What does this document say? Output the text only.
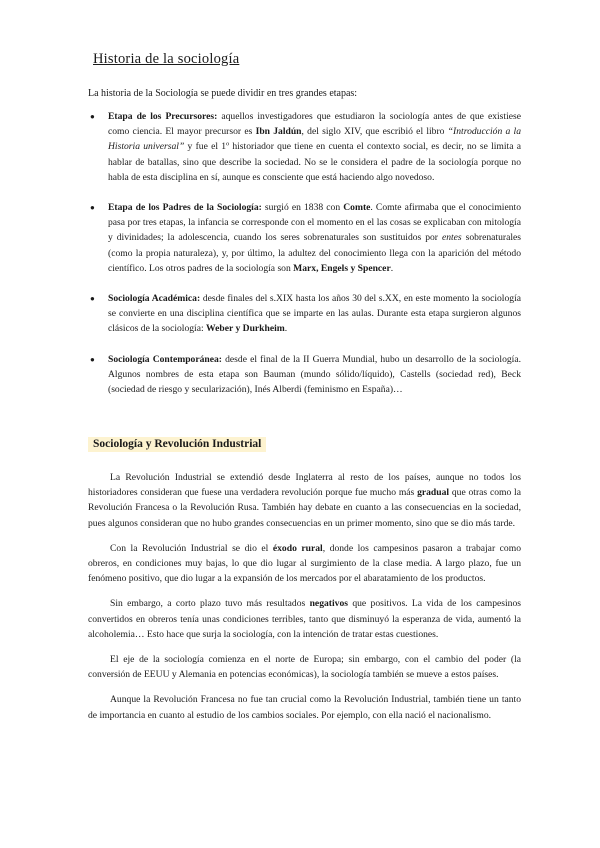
Historia de la sociología

La historia de la Sociología se puede dividir en tres grandes etapas:

● Etapa de los Precursores: aquellos investigadores que estudiaron la sociología antes de que existiese como ciencia. El mayor precursor es Ibn Jaldún, del siglo XIV, que escribió el libro “Introducción a la Historia universal” y fue el 1º historiador que tiene en cuenta el contexto social, es decir, no se limita a hablar de batallas, sino que describe la sociedad. No se le considera el padre de la sociología porque no habla de esta disciplina en sí, aunque es consciente que está haciendo algo novedoso.
● Etapa de los Padres de la Sociología: surgió en 1838 con Comte. Comte afirmaba que el conocimiento pasa por tres etapas, la infancia se corresponde con el momento en el las cosas se explicaban con mitología y divinidades; la adolescencia, cuando los seres sobrenaturales son sustituidos por entes sobrenaturales (como la propia naturaleza), y, por último, la adultez del conocimiento llega con la aparición del método científico. Los otros padres de la sociología son Marx, Engels y Spencer.
● Sociología Académica: desde finales del s.XIX hasta los años 30 del s.XX, en este momento la sociología se convierte en una disciplina científica que se imparte en las aulas. Durante esta etapa surgieron algunos clásicos de la sociología: Weber y Durkheim.
● Sociología Contemporánea: desde el final de la II Guerra Mundial, hubo un desarrollo de la sociología. Algunos nombres de esta etapa son Bauman (mundo sólido/líquido), Castells (sociedad red), Beck (sociedad de riesgo y secularización), Inés Alberdi (feminismo en España)…
Sociología y Revolución Industrial

La Revolución Industrial se extendió desde Inglaterra al resto de los países, aunque no todos los historiadores consideran que fuese una verdadera revolución porque fue mucho más gradual que otras como la Revolución Francesa o la Revolución Rusa. También hay debate en cuanto a las consecuencias en la sociedad, pues algunos consideran que no hubo grandes consecuencias en un primer momento, sino que se dio más tarde.

Con la Revolución Industrial se dio el éxodo rural, donde los campesinos pasaron a trabajar como obreros, en condiciones muy bajas, lo que dio lugar al surgimiento de la clase media. A largo plazo, fue un fenómeno positivo, que dio lugar a la expansión de los mercados por el abaratamiento de los productos.

Sin embargo, a corto plazo tuvo más resultados negativos que positivos. La vida de los campesinos convertidos en obreros tenía unas condiciones terribles, tanto que disminuyó la esperanza de vida, aumentó la alcoholemia… Esto hace que surja la sociología, con la intención de tratar estas cuestiones.

El eje de la sociología comienza en el norte de Europa; sin embargo, con el cambio del poder (la conversión de EEUU y Alemania en potencias económicas), la sociología también se mueve a estos países.

Aunque la Revolución Francesa no fue tan crucial como la Revolución Industrial, también tiene un tanto de importancia en cuanto al estudio de los cambios sociales. Por ejemplo, con ella nació el nacionalismo.
